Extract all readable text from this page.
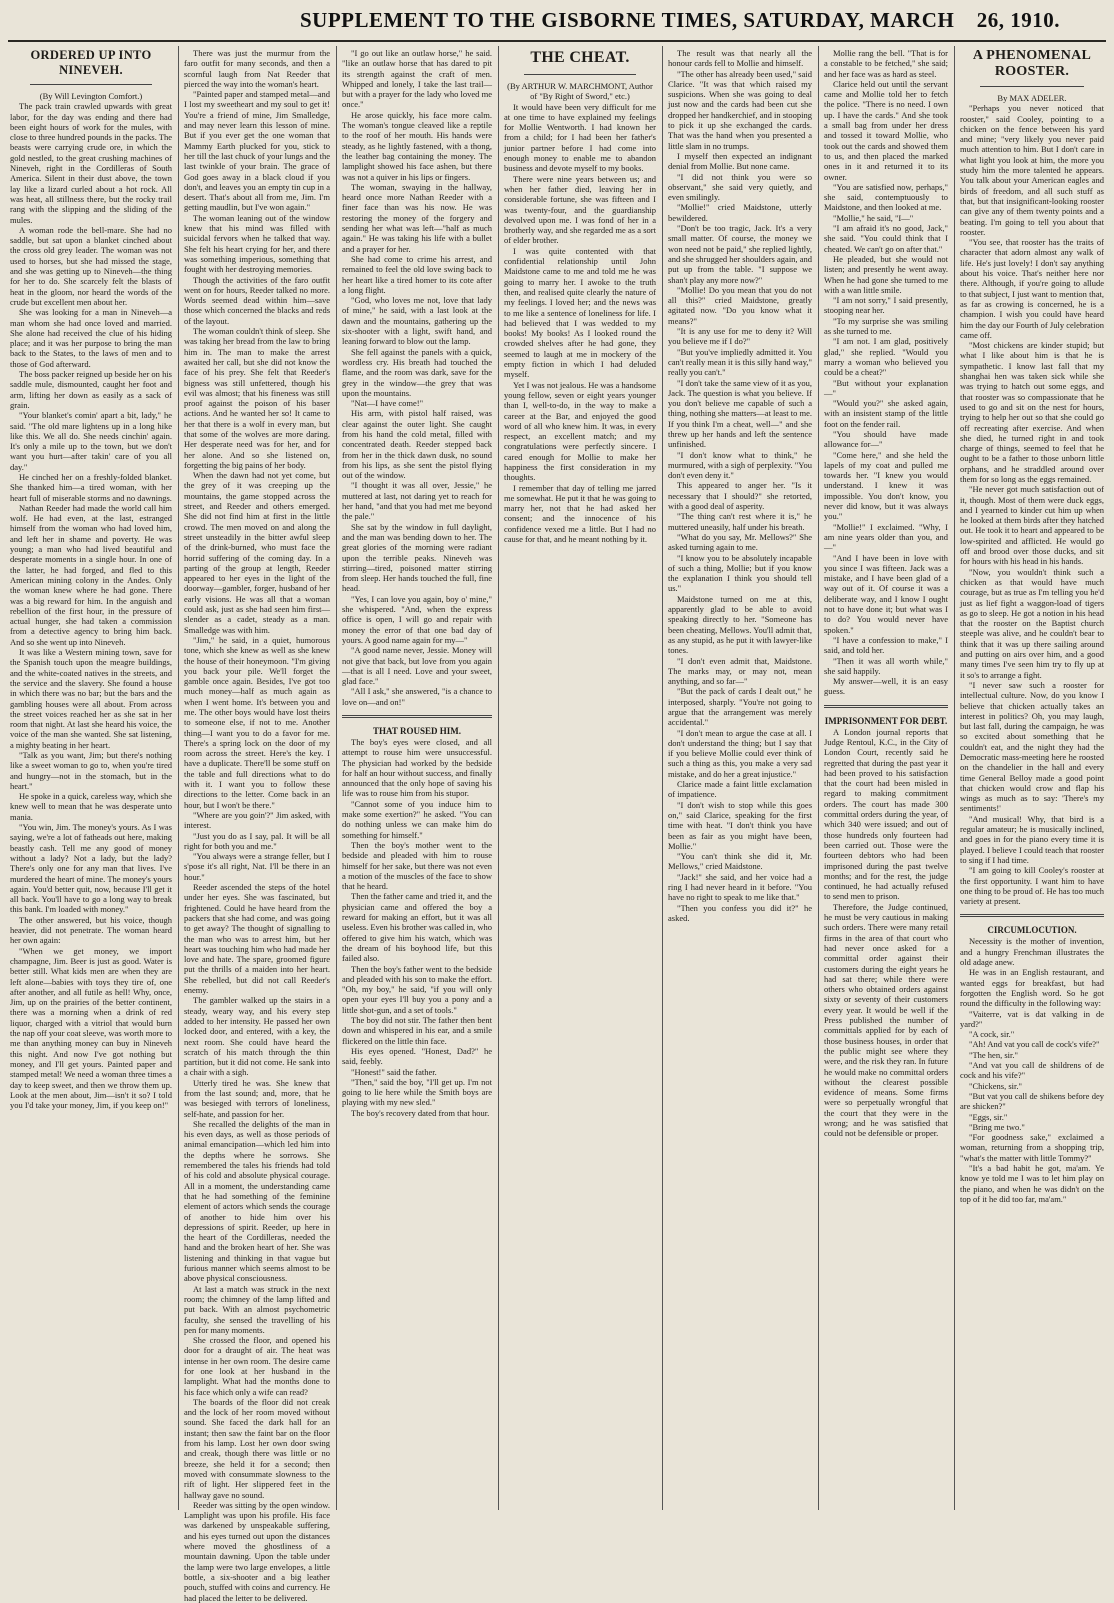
SUPPLEMENT TO THE GISBORNE TIMES, SATURDAY, MARCH 26, 1910.

ORDERED UP INTO NINEVEH.

(By Will Levington Comfort.)

The pack train crawled upwards with great labor, for the day was ending and there had been eight hours of work for the mules, with close to three hundred pounds in the packs. The beasts were carrying crude ore, in which the gold nestled, to the great crushing machines of Nineveh, right in the Cordilleras of South America. Silent in their dust above, the town lay like a lizard curled about a hot rock. All was heat, all stillness there, but the rocky trail rang with the slipping and the sliding of the mules.

A woman rode the bell-mare. She had no saddle, but sat upon a blanket cinched about the cross old grey leader. The woman was not used to horses, but she had missed the stage, and she was getting up to Nineveh—the thing for her to do. She scarcely felt the blasts of heat in the gloom, nor heard the words of the crude but excellent men about her.

She was looking for a man in Nineveh—a man whom she had once loved and married. She alone had received the clue of his hiding place; and it was her purpose to bring the man back to the States, to the laws of men and to those of God afterward.

The boss packer reigned up beside her on his saddle mule, dismounted, caught her foot and arm, lifting her down as easily as a sack of grain.

"Your blanket's comin' apart a bit, lady," he said. "The old mare lightens up in a long hike like this. We all do. She needs cinchin' again. It's only a mile up to the town, but we don't want you hurt—after takin' care of you all day."

He cinched her on a freshly-folded blanket. She thanked him—a tired woman, with her heart full of miserable storms and no dawnings.

Nathan Reeder had made the world call him wolf. He had even, at the last, estranged himself from the woman who had loved him, and left her in shame and poverty. He was young; a man who had lived beautiful and desperate moments in a single hour. In one of the latter, he had forged, and fled to this American mining colony in the Andes. Only the woman knew where he had gone. There was a big reward for him. In the anguish and rebellion of the first hour, in the pressure of actual hunger, she had taken a commission from a detective agency to bring him back. And so she went up into Nineveh.

It was like a Western mining town, save for the Spanish touch upon the meagre buildings, and the white-coated natives in the streets, and the service and the slavery. She found a house in which there was no bar; but the bars and the gambling houses were all about. From across the street voices reached her as she sat in her room that night. At last she heard his voice, the voice of the man she wanted. She sat listening, a mighty beating in her heart.

"Talk as you want, Jim; but there's nothing like a sweet woman to go to, when you're tired and hungry—not in the stomach, but in the heart."

He spoke in a quick, careless way, which she knew well to mean that he was desperate unto mania.

"You win, Jim. The money's yours. As I was saying, we're a lot of fatheads out here, making beastly cash. Tell me any good of money without a lady? Not a lady, but the lady? There's only one for any man that lives. I've murdered the heart of mine. The money's yours again. You'd better quit, now, because I'll get it all back. You'll have to go a long way to break this bank. I'm loaded with money."

The other answered, but his voice, though heavier, did not penetrate. The woman heard her own again:

"When we get money, we import champagne, Jim. Beer is just as good. Water is better still. What kids men are when they are left alone—babies with toys they tire of, one after another, and all futile as hell! Why, once, Jim, up on the prairies of the better continent, there was a morning when a drink of red liquor, charged with a vitriol that would burn the nap off your coat sleeve, was worth more to me than anything money can buy in Nineveh this night. And now I've got nothing but money, and I'll get yours. Painted paper and stamped metal! We need a woman three times a day to keep sweet, and then we throw them up. Look at the men about, Jim—isn't it so? I told you I'd take your money, Jim, if you keep on!"

There was just the murmur from the faro outfit for many seconds, and then a scornful laugh from Nat Reeder that pierced the way into the woman's heart.

"Painted paper and stamped metal—and I lost my sweetheart and my soul to get it! You're a friend of mine, Jim Smalledge, and may never learn this lesson of mine. But if you ever get the one woman that Mammy Earth plucked for you, stick to her till the last chuck of your lungs and the last twinkle of your brain. The grace of God goes away in a black cloud if you don't, and leaves you an empty tin cup in a desert. That's about all from me, Jim. I'm getting maudlin, but I've won again."

The woman leaning out of the window knew that his mind was filled with suicidal fervors when he talked that way. She felt his heart crying for her, and there was something imperious, something that fought with her destroying memories.

Though the activities of the faro outfit went on for hours, Reeder talked no more. Words seemed dead within him—save those which concerned the blacks and reds of the layout.

The woman couldn't think of sleep. She was taking her bread from the law to bring him in. The man to make the arrest awaited her call, but she did not know the face of his prey. She felt that Reeder's bigness was still unfettered, though his evil was almost; that his fineness was still proof against the poison of his baser actions. And he wanted her so! It came to her that there is a wolf in every man, but that some of the wolves are more daring. Her desperate need was for her, and for her alone. And so she listened on, forgetting the big pains of her body.

When the dawn had not yet come, but the grey of it was creeping up the mountains, the game stopped across the street, and Reeder and others emerged. She did not find him at first in the little crowd. The men moved on and along the street unsteadily in the bitter awful sleep of the drink-burned, who must face the horrid suffering of the coming day. In a parting of the group at length, Reeder appeared to her eyes in the light of the doorway—gambler, forger, husband of her early visions. He was all that a woman could ask, just as she had seen him first—slender as a cadet, steady as a man. Smalledge was with him.

"Jim," he said, in a quiet, humorous tone, which she knew as well as she knew the house of their honeymoon. "I'm giving you back your pile. We'll forget the gamble once again. Besides, I've got too much money—half as much again as when I went home. It's between you and me. The other boys would have lost theirs to someone else, if not to me. Another thing—I want you to do a favor for me. There's a spring lock on the door of my room across the street. Here's the key. I have a duplicate. There'll be some stuff on the table and full directions what to do with it. I want you to follow these directions to the letter. Come back in an hour, but I won't be there."

"Where are you goin'?" Jim asked, with interest.

"Just you do as I say, pal. It will be all right for both you and me."

"You always were a strange feller, but I s'pose it's all right, Nat. I'll be there in an hour."

Reeder ascended the steps of the hotel under her eyes. She was fascinated, but frightened. Could he have heard from the packers that she had come, and was going to get away? The thought of signalling to the man who was to arrest him, but her heart was touching him who had made her love and hate. The spare, groomed figure put the thrills of a maiden into her heart. She rebelled, but did not call Reeder's enemy.

The gambler walked up the stairs in a steady, weary way, and his every step added to her intensity. He passed her own locked door, and entered, with a key, the next room. She could have heard the scratch of his match through the thin partition, but it did not come. He sank into a chair with a sigh.

Utterly tired he was. She knew that from the last sound; and, more, that he was besieged with terrors of loneliness, self-hate, and passion for her.

She recalled the delights of the man in his even days, as well as those periods of animal emancipation—which led him into the depths where he sorrows. She remembered the tales his friends had told of his cold and absolute physical courage. All in a moment, the understanding came that he had something of the feminine element of actors which sends the courage of another to hide him over his depressions of spirit. Reeder, up here in the heart of the Cordilleras, needed the hand and the broken heart of her. She was listening and thinking in that vague but furious manner which seems almost to be above physical consciousness.

At last a match was struck in the next room; the chimney of the lamp lifted and put back. With an almost psychometric faculty, she sensed the travelling of his pen for many moments.

She crossed the floor, and opened his door for a draught of air. The heat was intense in her own room. The desire came for one look at her husband in the lamplight. What had the months done to his face which only a wife can read?

The boards of the floor did not creak and the lock of her room moved without sound. She faced the dark hall for an instant; then saw the faint bar on the floor from his lamp. Lost her own door swing and creak, though there was little or no breeze, she held it for a second; then moved with consummate slowness to the rift of light. Her slippered feet in the hallway gave no sound.

Reeder was sitting by the open window. Lamplight was upon his profile. His face was darkened by unspeakable suffering, and his eyes turned out upon the distances where moved the ghostliness of a mountain dawning. Upon the table under the lamp were two large envelopes, a little bottle, a six-shooter and a big leather pouch, stuffed with coins and currency. He had placed the letter to be delivered.

"I go out like an outlaw horse," he said. "like an outlaw horse that has dared to pit its strength against the craft of men. Whipped and lonely, I take the last trail—but with a prayer for the lady who loved me once."

He arose quickly, his face more calm. The woman's tongue cleaved like a reptile to the roof of her mouth. His hands were steady, as he lightly fastened, with a thong, the leather bag containing the money. The lamplight showed his face ashen, but there was not a quiver in his lips or fingers.

The woman, swaying in the hallway, heard once more Nathan Reeder with a finer face than was his now. He was restoring the money of the forgery and sending her what was left—"half as much again." He was taking his life with a bullet and a prayer for her.

She had come to crime his arrest, and remained to feel the old love swing back to her heart like a tired homer to its cote after a long flight.

"God, who loves me not, love that lady of mine," he said, with a last look at the dawn and the mountains, gathering up the six-shooter with a light, swift hand, and leaning forward to blow out the lamp.

She fell against the panels with a quick, wordless cry. His breath had touched the flame, and the room was dark, save for the grey in the window—the grey that was upon the mountains.

"Nat—I have come!"

His arm, with pistol half raised, was clear against the outer light. She caught from his hand the cold metal, filled with concentrated death. Reeder stepped back from her in the thick dawn dusk, no sound from his lips, as she sent the pistol flying out of the window.

"I thought it was all over, Jessie," he muttered at last, not daring yet to reach for her hand, "and that you had met me beyond the pale."

She sat by the window in full daylight, and the man was bending down to her. The great glories of the morning were radiant upon the terrible peaks. Nineveh was stirring—tired, poisoned matter stirring from sleep. Her hands touched the full, fine head.

"Yes, I can love you again, boy o' mine," she whispered. "And, when the express office is open, I will go and repair with money the error of that one bad day of yours. A good name again for my—"

"A good name never, Jessie. Money will not give that back, but love from you again—that is all I need. Love and your sweet, glad face."

"All I ask," she answered, "is a chance to love on—and on!"

THAT ROUSED HIM.

The boy's eyes were closed, and all attempt to rouse him were unsuccessful. The physician had worked by the bedside for half an hour without success, and finally announced that the only hope of saving his life was to rouse him from his stupor.

"Cannot some of you induce him to make some exertion?" he asked. "You can do nothing unless we can make him do something for himself."

Then the boy's mother went to the bedside and pleaded with him to rouse himself for her sake, but there was not even a motion of the muscles of the face to show that he heard.

Then the father came and tried it, and the physician came and offered the boy a reward for making an effort, but it was all useless. Even his brother was called in, who offered to give him his watch, which was the dream of his boyhood life, but this failed also.

Then the boy's father went to the bedside and pleaded with his son to make the effort. "Oh, my boy," he said, "if you will only open your eyes I'll buy you a pony and a little shot-gun, and a set of tools."

The boy did not stir. The father then bent down and whispered in his ear, and a smile flickered on the little thin face.

His eyes opened. "Honest, Dad?" he said, feebly.

"Honest!" said the father.

"Then," said the boy, "I'll get up. I'm not going to lie here while the Smith boys are playing with my new sled."

The boy's recovery dated from that hour.

THE CHEAT.

(By ARTHUR W. MARCHMONT, Author of "By Right of Sword," etc.)

It would have been very difficult for me at one time to have explained my feelings for Mollie Wentworth. I had known her from a child; for I had been her father's junior partner before I had come into enough money to enable me to abandon business and devote myself to my books.

There were nine years between us; and when her father died, leaving her in considerable fortune, she was fifteen and I was twenty-four, and the guardianship devolved upon me. I was fond of her in a brotherly way, and she regarded me as a sort of elder brother.

I was quite contented with that confidential relationship until John Maidstone came to me and told me he was going to marry her. I awoke to the truth then, and realised quite clearly the nature of my feelings. I loved her; and the news was to me like a sentence of loneliness for life. I had believed that I was wedded to my books! My books! As I looked round the crowded shelves after he had gone, they seemed to laugh at me in mockery of the empty fiction in which I had deluded myself.

Yet I was not jealous. He was a handsome young fellow, seven or eight years younger than I, well-to-do, in the way to make a career at the Bar, and enjoyed the good word of all who knew him. It was, in every respect, an excellent match; and my congratulations were perfectly sincere. I cared enough for Mollie to make her happiness the first consideration in my thoughts.

I remember that day of telling me jarred me somewhat. He put it that he was going to marry her, not that he had asked her consent; and the innocence of his confidence vexed me a little. But I had no cause for that, and he meant nothing by it.

The result was that nearly all the honour cards fell to Mollie and himself.

"The other has already been used," said Clarice. "It was that which raised my suspicions. When she was going to deal just now and the cards had been cut she dropped her handkerchief, and in stooping to pick it up she exchanged the cards. That was the hand when you presented a little slam in no trumps.

I myself then expected an indignant denial from Mollie. But none came.

"I did not think you were so observant," she said very quietly, and even smilingly.

"Mollie!" cried Maidstone, utterly bewildered.

"Don't be too tragic, Jack. It's a very small matter. Of course, the money we won need not be paid," she replied lightly, and she shrugged her shoulders again, and put up from the table. "I suppose we shan't play any more now?"

"Mollie! Do you mean that you do not all this?" cried Maidstone, greatly agitated now. "Do you know what it means?"

"It is any use for me to deny it? Will you believe me if I do?"

"But you've impliedly admitted it. You can't really mean it is this silly hand way," really you can't."

"I don't take the same view of it as you, Jack. The question is what you believe. If you don't believe me capable of such a thing, nothing she matters—at least to me. If you think I'm a cheat, well—" and she threw up her hands and left the sentence unfinished.

"I don't know what to think," he murmured, with a sigh of perplexity. "You don't even deny it."

This appeared to anger her. "Is it necessary that I should?" she retorted, with a good deal of asperity.

"The thing can't rest where it is," he muttered uneasily, half under his breath.

"What do you say, Mr. Mellows?" She asked turning again to me.

"I know you to be absolutely incapable of such a thing, Mollie; but if you know the explanation I think you should tell us."

Maidstone turned on me at this, apparently glad to be able to avoid speaking directly to her. "Someone has been cheating, Mellows. You'll admit that, as any stupid, as he put it with lawyer-like tones.

"I don't even admit that, Maidstone. The marks may, or may not, mean anything, and so far—"

"But the pack of cards I dealt out," he interposed, sharply. "You're not going to argue that the arrangement was merely accidental."

"I don't mean to argue the case at all. I don't understand the thing; but I say that if you believe Mollie could ever think of such a thing as this, you make a very sad mistake, and do her a great injustice."

Clarice made a faint little exclamation of impatience.

"I don't wish to stop while this goes on," said Clarice, speaking for the first time with heat. "I don't think you have been as fair as you might have been, Mollie."

"You can't think she did it, Mr. Mellows," cried Maidstone.

"Jack!" she said, and her voice had a ring I had never heard in it before. "You have no right to speak to me like that."

"Then you confess you did it?" he asked.

Mollie rang the bell. "That is for a constable to be fetched," she said; and her face was as hard as steel.

Clarice held out until the servant came and Mollie told her to fetch the police. "There is no need. I own up. I have the cards." And she took a small bag from under her dress and tossed it toward Mollie, who took out the cards and showed them to us, and then placed the marked ones in it and returned it to its owner.

"You are satisfied now, perhaps," she said, contemptuously to Maidstone, and then looked at me.

"Mollie," he said, "I—"

"I am afraid it's no good, Jack," she said. "You could think that I cheated. We can't go on after that."

He pleaded, but she would not listen; and presently he went away. When he had gone she turned to me with a wan little smile.

"I am not sorry," I said presently, stooping near her.

"To my surprise she was smiling as she turned to me.

"I am not. I am glad, positively glad," she replied. "Would you marry a woman who believed you could be a cheat?"

"But without your explanation—"

"Would you?" she asked again, with an insistent stamp of the little foot on the fender rail.

"You should have made allowance for—"

"Come here," and she held the lapels of my coat and pulled me towards her. "I knew you would understand. I knew it was impossible. You don't know, you never did know, but it was always you."

"Mollie!" I exclaimed. "Why, I am nine years older than you, and—"

"And I have been in love with you since I was fifteen. Jack was a mistake, and I have been glad of a way out of it. Of course it was a deliberate way, and I know I ought not to have done it; but what was I to do? You would never have spoken."

"I have a confession to make," I said, and told her.

"Then it was all worth while," she said happily.

My answer—well, it is an easy guess.

IMPRISONMENT FOR DEBT.

A London journal reports that Judge Rentoul, K.C., in the City of London Court, recently said he regretted that during the past year it had been proved to his satisfaction that the court had been misled in regard to making commitment orders. The court has made 300 committal orders during the year, of which 340 were issued; and out of those hundreds only fourteen had been carried out. Those were the fourteen debtors who had been imprisoned during the past twelve months; and for the rest, the judge continued, he had actually refused to send men to prison.

Therefore, the Judge continued, he must be very cautious in making such orders. There were many retail firms in the area of that court who had never once asked for a committal order against their customers during the eight years he had sat there; while there were others who obtained orders against sixty or seventy of their customers every year. It would be well if the Press published the number of committals applied for by each of those business houses, in order that the public might see where they were, and the risk they ran. In future he would make no committal orders without the clearest possible evidence of means. Some firms were so perpetually wrongful that the court that they were in the wrong; and he was satisfied that could not be defensible or proper.

A PHENOMENAL ROOSTER.

By MAX ADELER.

"Perhaps you never noticed that rooster," said Cooley, pointing to a chicken on the fence between his yard and mine; "very likely you never paid much attention to him. But I don't care in what light you look at him, the more you study him the more talented he appears. You talk about your American eagles and birds of freedom, and all such stuff as that, but that insignificant-looking rooster can give any of them twenty points and a beating. I'm going to tell you about that rooster.

"You see, that rooster has the traits of character that adorn almost any walk of life. He's just lovely! I don't say anything about his voice. That's neither here nor there. Although, if you're going to allude to that subject, I just want to mention that, as far as crowing is concerned, he is a champion. I wish you could have heard him the day our Fourth of July celebration came off.

"Most chickens are kinder stupid; but what I like about him is that he is sympathetic. I know last fall that my shanghai hen was taken sick while she was trying to hatch out some eggs, and that rooster was so compassionate that he used to go and sit on the nest for hours, trying to help her out so that she could go off recreating after exercise. And when she died, he turned right in and took charge of things, seemed to feel that he ought to be a father to those unborn little orphans, and he straddled around over them for so long as the eggs remained.

"He never got much satisfaction out of it, though. Most of them were duck eggs, and I yearned to kinder cut him up when he looked at them birds after they hatched out. He took it to heart and appeared to be low-spirited and afflicted. He would go off and brood over those ducks, and sit for hours with his head in his hands.

"Now, you wouldn't think such a chicken as that would have much courage, but as true as I'm telling you he'd just as lief fight a waggon-load of tigers as go to sleep. He got a notion in his head that the rooster on the Baptist church steeple was alive, and he couldn't bear to think that it was up there sailing around and putting on airs over him, and a good many times I've seen him try to fly up at it so's to arrange a fight.

"I never saw such a rooster for intellectual culture. Now, do you know I believe that chicken actually takes an interest in politics? Oh, you may laugh, but last fall, during the campaign, he was so excited about something that he couldn't eat, and the night they had the Democratic mass-meeting here he roosted on the chandelier in the hall and every time General Belloy made a good point that chicken would crow and flap his wings as much as to say: 'There's my sentiments!'

"And musical! Why, that bird is a regular amateur; he is musically inclined, and goes in for the piano every time it is played. I believe I could teach that rooster to sing if I had time.

"I am going to kill Cooley's rooster at the first opportunity. I want him to have one thing to be proud of. He has too much variety at present.

CIRCUMLOCUTION.

Necessity is the mother of invention, and a hungry Frenchman illustrates the old adage anew.

He was in an English restaurant, and wanted eggs for breakfast, but had forgotten the English word. So he got round the difficulty in the following way:

"Vaiterre, vat is dat valking in de yard?"

"A cock, sir."

"Ah! And vat you call de cock's vife?"

"The hen, sir."

"And vat you call de shildrens of de cock and his vife?"

"Chickens, sir."

"But vat you call de shikens before dey are shicken?"

"Eggs, sir."

"Bring me two."

"For goodness sake," exclaimed a woman, returning from a shopping trip, "what's the matter with little Tommy?"

"It's a bad habit he got, ma'am. Ye know ye told me I was to let him play on the piano, and when he was didn't on the top of it he did too far, ma'am."
